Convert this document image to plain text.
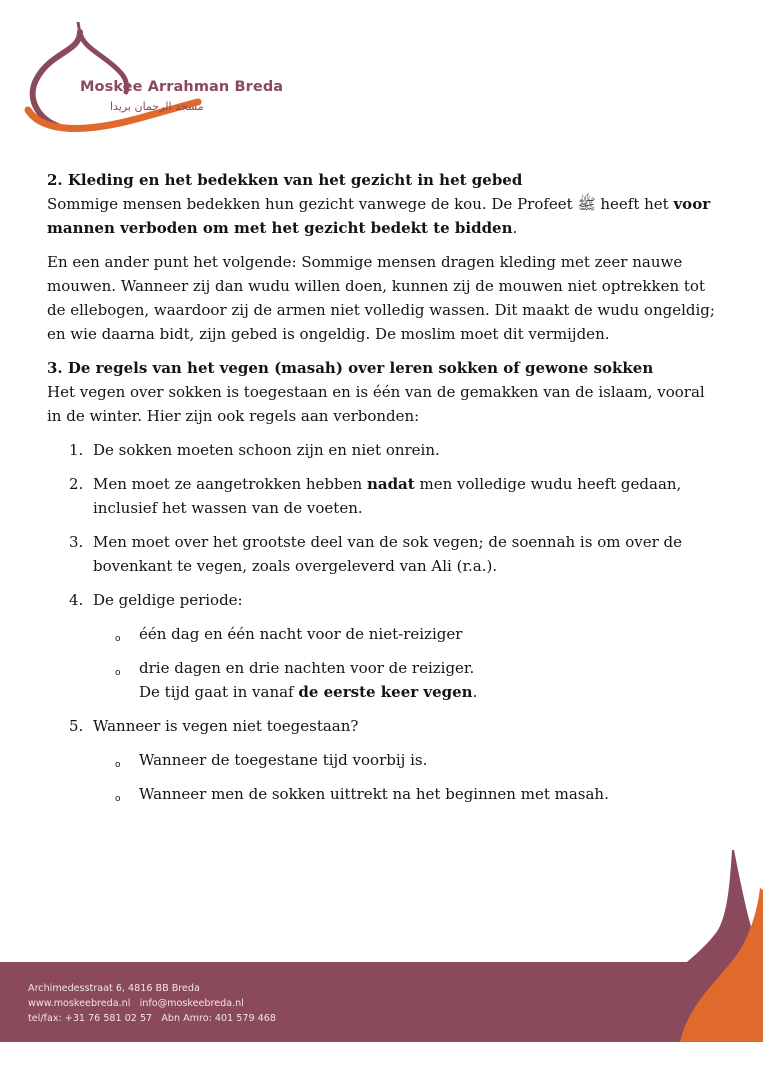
Moskee Arrahman Breda
مسجد الرحمان بريدا
2. Kleding en het bedekken van het gezicht in het gebed

Sommige mensen bedekken hun gezicht vanwege de kou. De Profeet ﷺ heeft het voor mannen verboden om met het gezicht bedekt te bidden.

En een ander punt het volgende: Sommige mensen dragen kleding met zeer nauwe mouwen. Wanneer zij dan wudu willen doen, kunnen zij de mouwen niet optrekken tot de ellebogen, waardoor zij de armen niet volledig wassen. Dit maakt de wudu ongeldig; en wie daarna bidt, zijn gebed is ongeldig. De moslim moet dit vermijden.

3. De regels van het vegen (masah) over leren sokken of gewone sokken

Het vegen over sokken is toegestaan en is één van de gemakken van de islaam, vooral in de winter. Hier zijn ook regels aan verbonden:

1. De sokken moeten schoon zijn en niet onrein.
2. Men moet ze aangetrokken hebben nadat men volledige wudu heeft gedaan, inclusief het wassen van de voeten.
3. Men moet over het grootste deel van de sok vegen; de soennah is om over de bovenkant te vegen, zoals overgeleverd van Ali (r.a.).
4. De geldige periode:
o één dag en één nacht voor de niet-reiziger
o drie dagen en drie nachten voor de reiziger.
De tijd gaat in vanaf de eerste keer vegen.
5. Wanneer is vegen niet toegestaan?
o Wanneer de toegestane tijd voorbij is.
o Wanneer men de sokken uittrekt na het beginnen met masah.
Archimedesstraat 6, 4816 BB Breda
www.moskeebreda.nl info@moskeebreda.nl
tel/fax: +31 76 581 02 57 Abn Amro: 401 579 468
